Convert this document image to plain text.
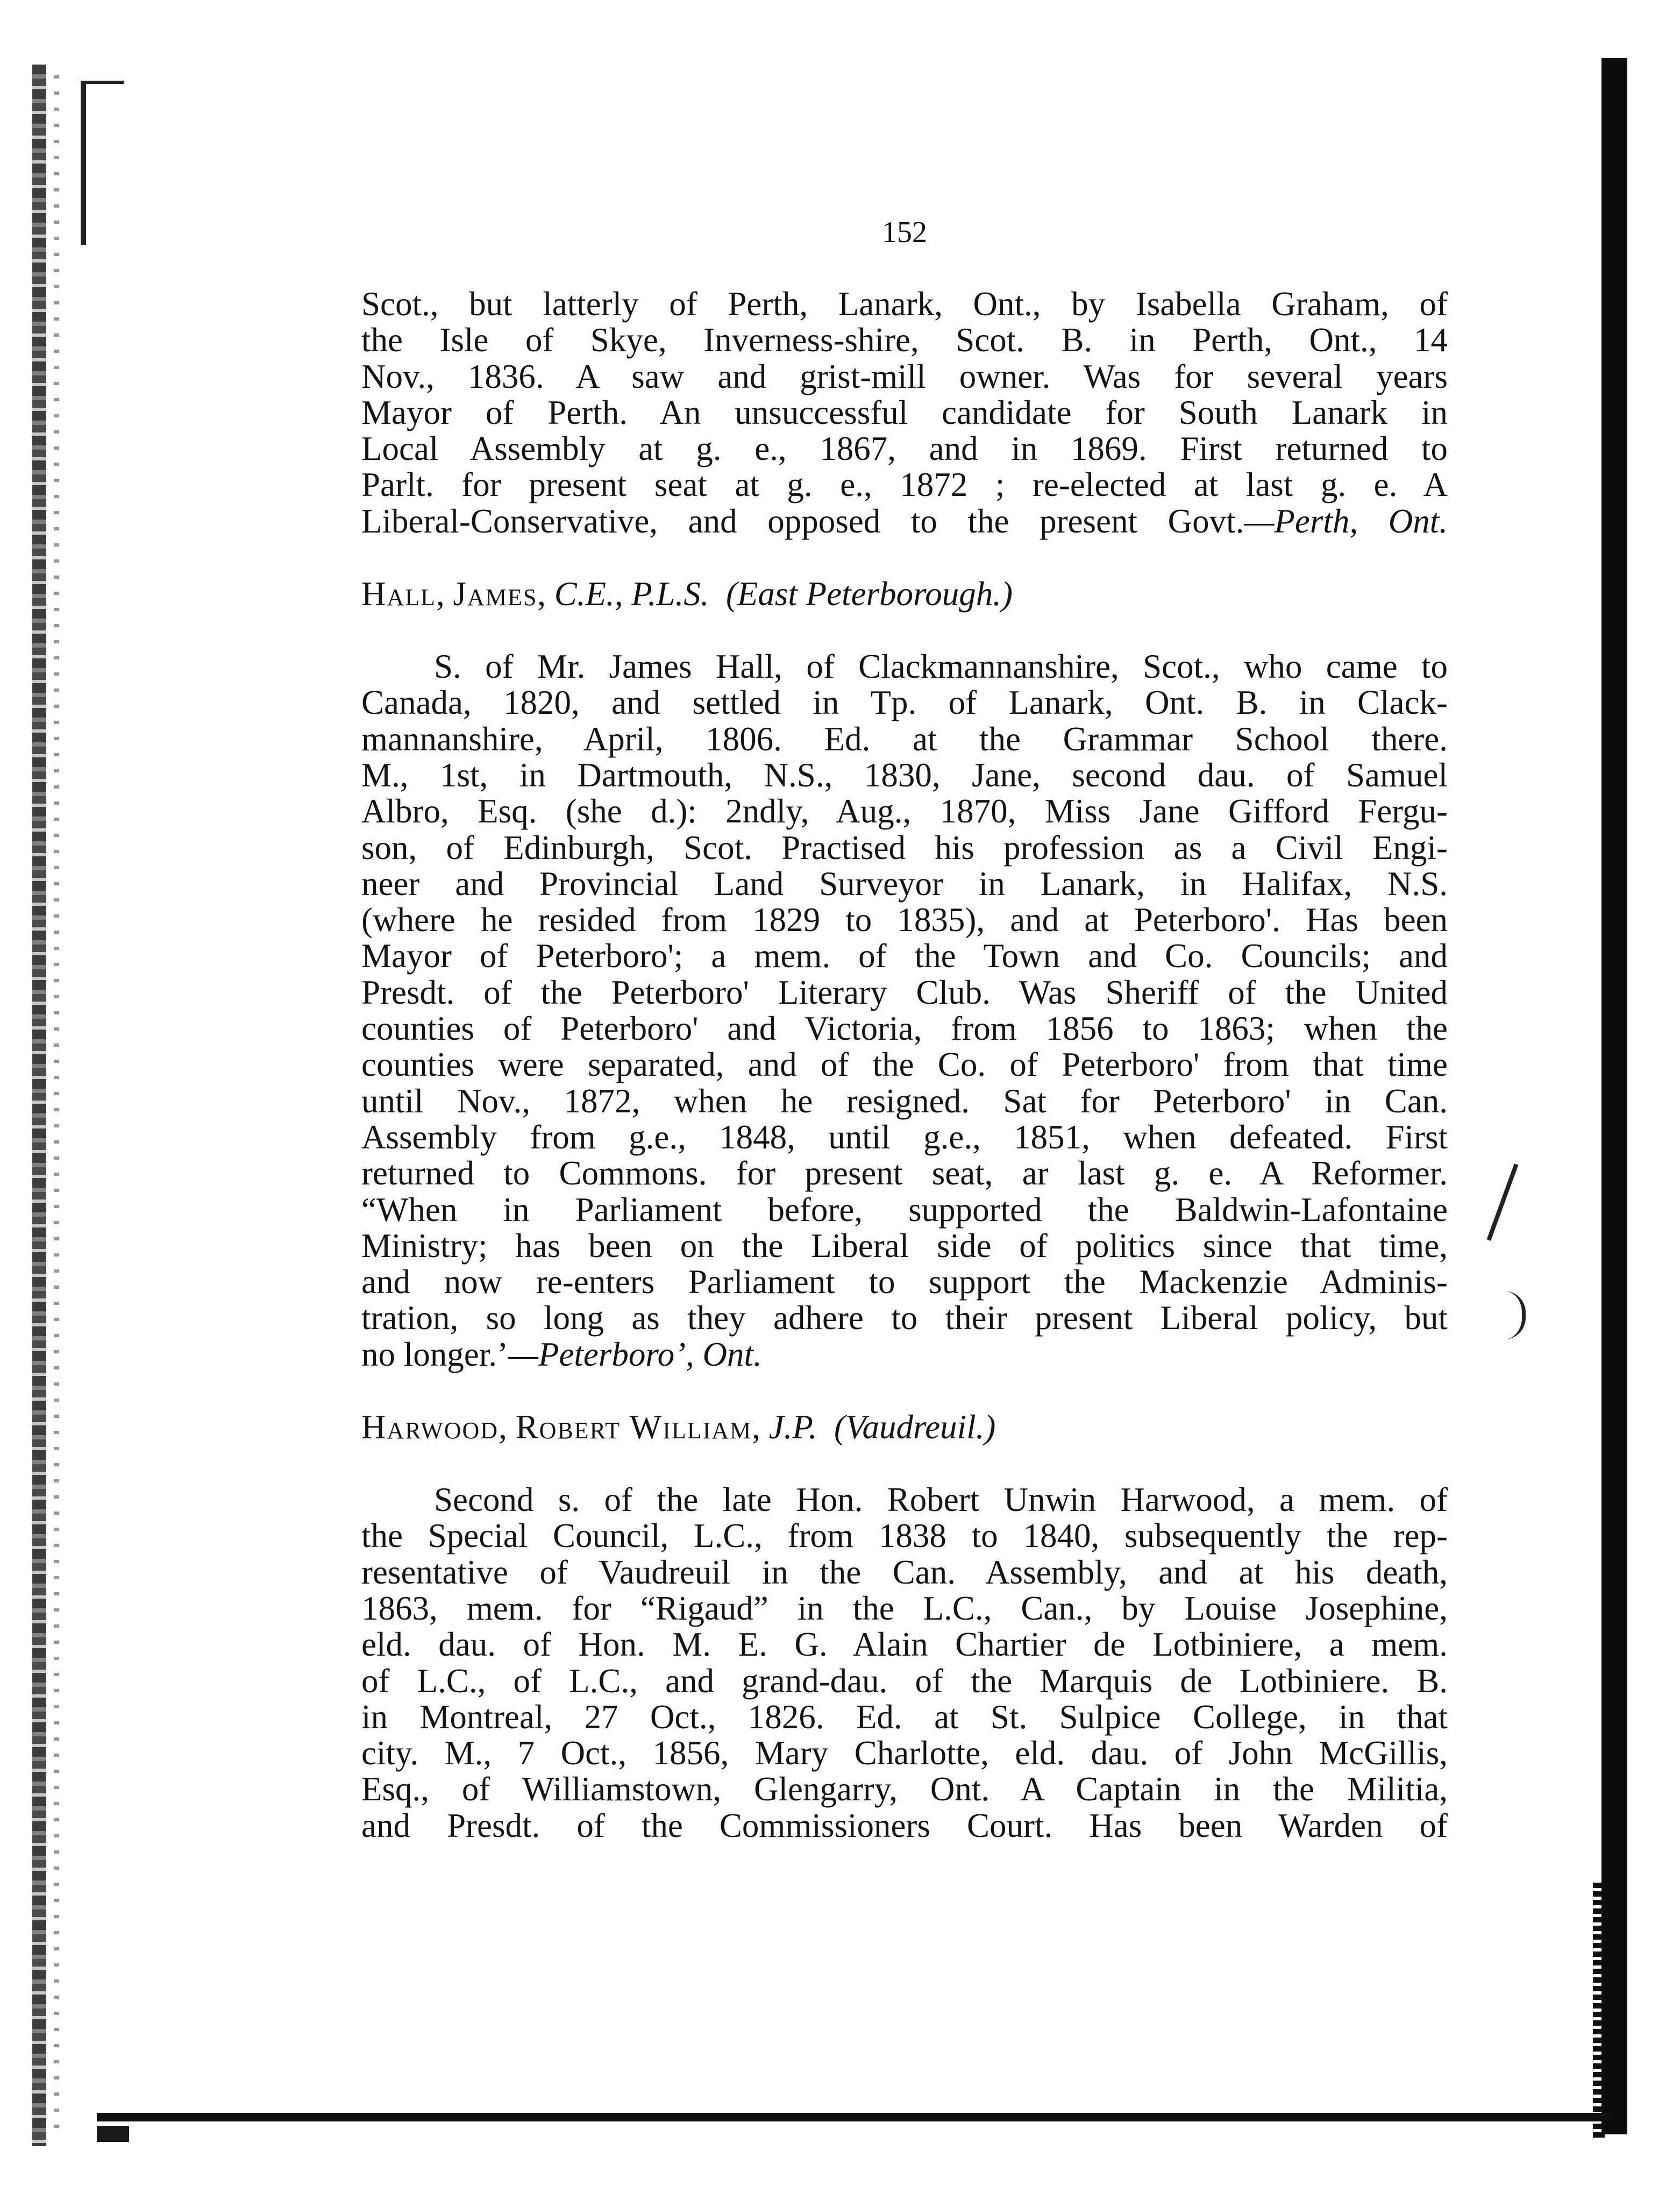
152

Scot., but latterly of Perth, Lanark, Ont., by Isabella Graham, of

the Isle of Skye, Inverness-shire, Scot. B. in Perth, Ont., 14

Nov., 1836. A saw and grist-mill owner. Was for several years

Mayor of Perth. An unsuccessful candidate for South Lanark in

Local Assembly at g. e., 1867, and in 1869. First returned to

Parlt. for present seat at g. e., 1872 ; re-elected at last g. e. A

Liberal-Conservative, and opposed to the present Govt.—Perth, Ont.

Hall, James, C.E., P.L.S. (East Peterborough.)

S. of Mr. James Hall, of Clackmannanshire, Scot., who came to

Canada, 1820, and settled in Tp. of Lanark, Ont. B. in Clack-

mannanshire, April, 1806. Ed. at the Grammar School there.

M., 1st, in Dartmouth, N.S., 1830, Jane, second dau. of Samuel

Albro, Esq. (she d.): 2ndly, Aug., 1870, Miss Jane Gifford Fergu-

son, of Edinburgh, Scot. Practised his profession as a Civil Engi-

neer and Provincial Land Surveyor in Lanark, in Halifax, N.S.

(where he resided from 1829 to 1835), and at Peterboro'. Has been

Mayor of Peterboro'; a mem. of the Town and Co. Councils; and

Presdt. of the Peterboro' Literary Club. Was Sheriff of the United

counties of Peterboro' and Victoria, from 1856 to 1863; when the

counties were separated, and of the Co. of Peterboro' from that time

until Nov., 1872, when he resigned. Sat for Peterboro' in Can.

Assembly from g.e., 1848, until g.e., 1851, when defeated. First

returned to Commons. for present seat, ar last g. e. A Reformer.

“When in Parliament before, supported the Baldwin-Lafontaine

Ministry; has been on the Liberal side of politics since that time,

and now re-enters Parliament to support the Mackenzie Adminis-

tration, so long as they adhere to their present Liberal policy, but

no longer.’—Peterboro’, Ont.

Harwood, Robert William, J.P. (Vaudreuil.)

Second s. of the late Hon. Robert Unwin Harwood, a mem. of

the Special Council, L.C., from 1838 to 1840, subsequently the rep-

resentative of Vaudreuil in the Can. Assembly, and at his death,

1863, mem. for “Rigaud” in the L.C., Can., by Louise Josephine,

eld. dau. of Hon. M. E. G. Alain Chartier de Lotbiniere, a mem.

of L.C., of L.C., and grand-dau. of the Marquis de Lotbiniere. B.

in Montreal, 27 Oct., 1826. Ed. at St. Sulpice College, in that

city. M., 7 Oct., 1856, Mary Charlotte, eld. dau. of John McGillis,

Esq., of Williamstown, Glengarry, Ont. A Captain in the Militia,

and Presdt. of the Commissioners Court. Has been Warden of
